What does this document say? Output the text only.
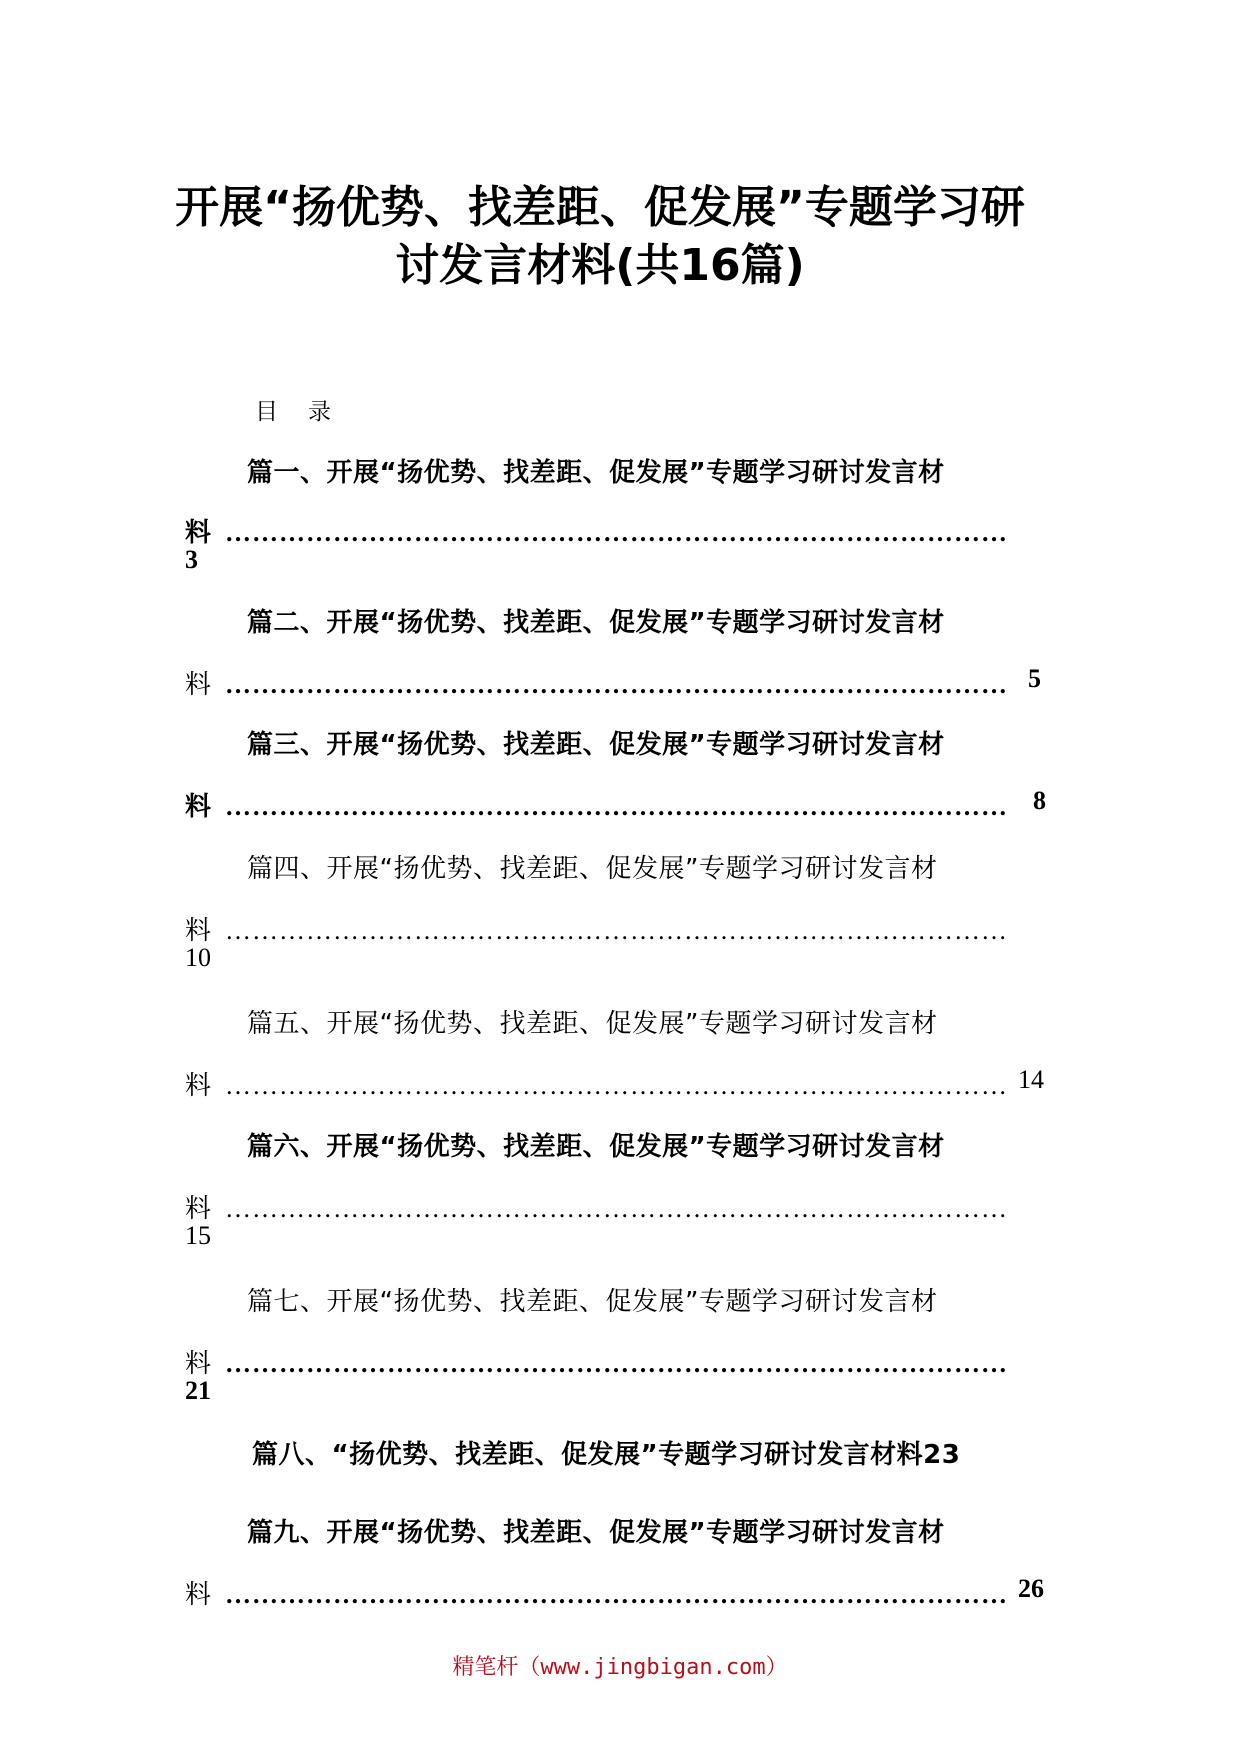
开展“扬优势、找差距、促发展”专题学习研
讨发言材料(共16篇)
目录
篇一、开展“扬优势、找差距、促发展”专题学习研讨发言材
料 ……………………………………………………………………………
3
篇二、开展“扬优势、找差距、促发展”专题学习研讨发言材
料 …………………………………………………………………………… 5
篇三、开展“扬优势、找差距、促发展”专题学习研讨发言材
料 …………………………………………………………………………… 8
篇四、开展“扬优势、找差距、促发展”专题学习研讨发言材
料 ……………………………………………………………………………
10
篇五、开展“扬优势、找差距、促发展”专题学习研讨发言材
料 …………………………………………………………………………… 14
篇六、开展“扬优势、找差距、促发展”专题学习研讨发言材
料 ……………………………………………………………………………
15
篇七、开展“扬优势、找差距、促发展”专题学习研讨发言材
料 ……………………………………………………………………………
21
篇八、“扬优势、找差距、促发展”专题学习研讨发言材料23
篇九、开展“扬优势、找差距、促发展”专题学习研讨发言材
料 …………………………………………………………………………… 26
精笔杆（www.jingbigan.com）
